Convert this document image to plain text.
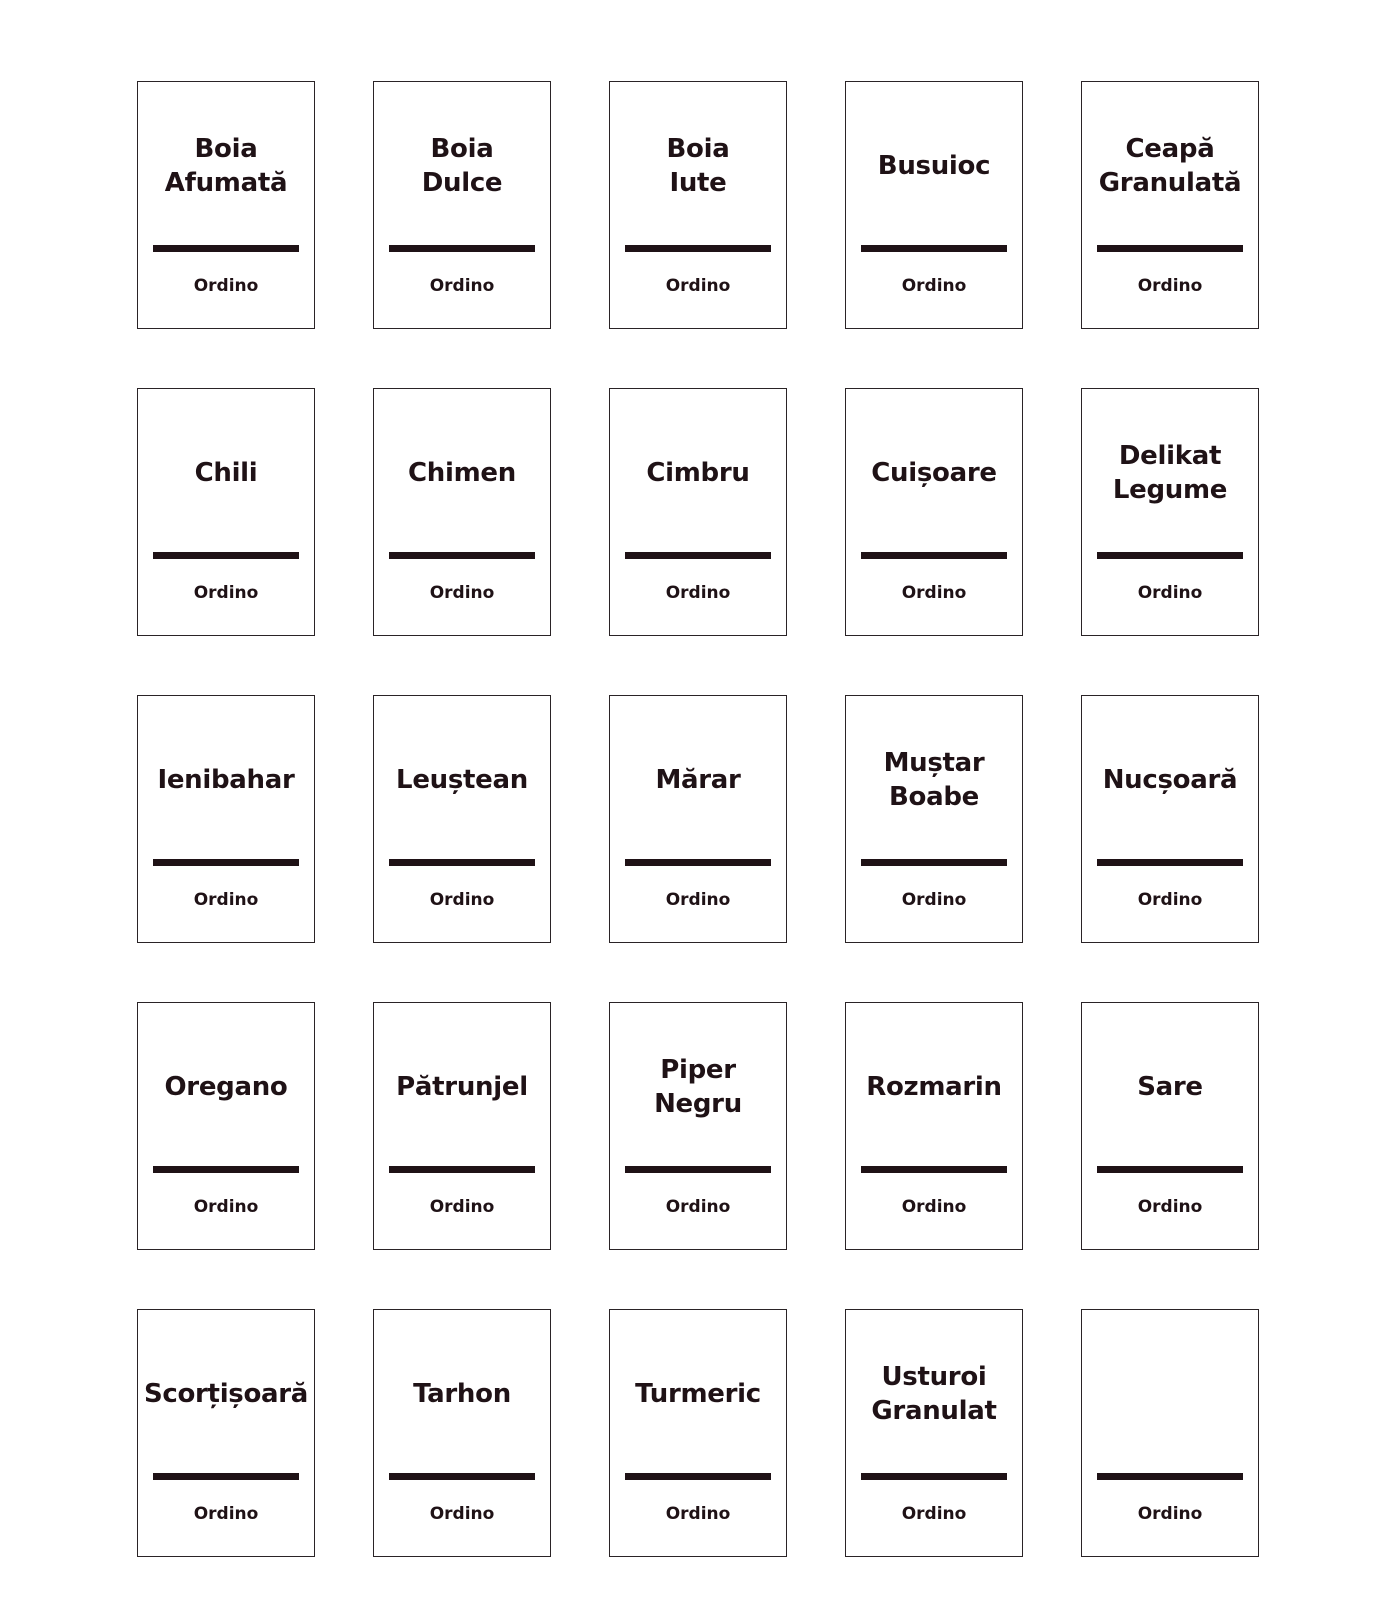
Boia
Afumată
Ordino
Boia
Dulce
Ordino
Boia
Iute
Ordino
Busuioc
Ordino
Ceapă
Granulată
Ordino
Chili
Ordino
Chimen
Ordino
Cimbru
Ordino
Cuișoare
Ordino
Delikat
Legume
Ordino
Ienibahar
Ordino
Leuștean
Ordino
Mărar
Ordino
Muștar
Boabe
Ordino
Nucșoară
Ordino
Oregano
Ordino
Pătrunjel
Ordino
Piper
Negru
Ordino
Rozmarin
Ordino
Sare
Ordino
Scorțișoară
Ordino
Tarhon
Ordino
Turmeric
Ordino
Usturoi
Granulat
Ordino	Ordino
